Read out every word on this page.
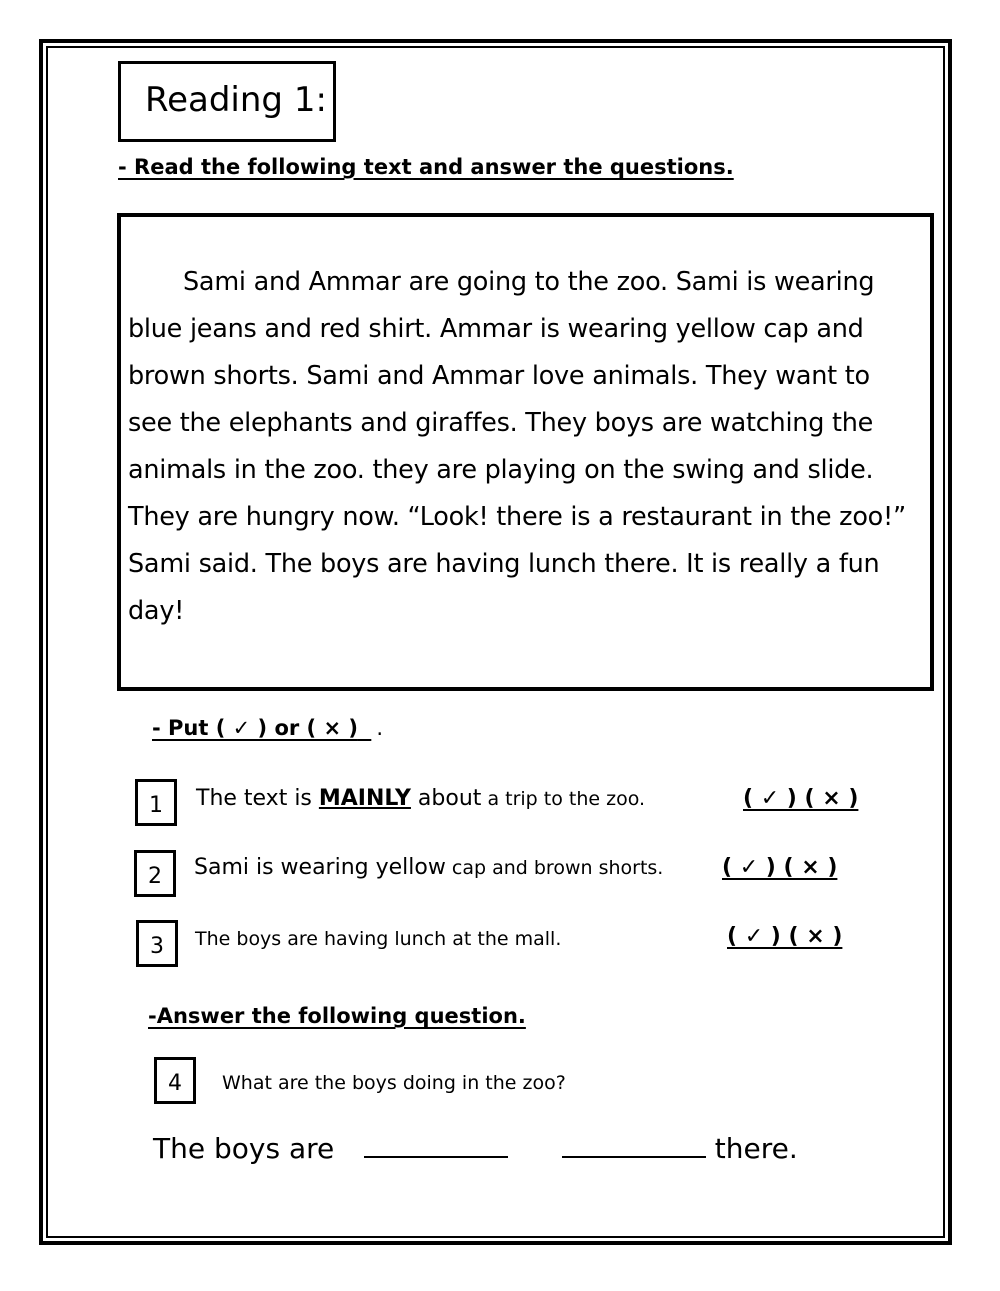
Reading 1:
- Read the following text and answer the questions.

Sami and Ammar are going to the zoo. Sami is wearing blue jeans and red shirt. Ammar is wearing yellow cap and brown shorts. Sami and Ammar love animals. They want to see the elephants and giraffes. They boys are watching the animals in the zoo. they are playing on the swing and slide. They are hungry now. “Look! there is a restaurant in the zoo!” Sami said. The boys are having lunch there. It is really a fun day!

- Put ( ✓ ) or ( × ) .
1	The text is MAINLY about a trip to the zoo.	( ✓ ) ( × )
2	Sami is wearing yellow cap and brown shorts.	( ✓ ) ( × )
3	The boys are having lunch at the mall.	( ✓ ) ( × )
-Answer the following question.
4	What are the boys doing in the zoo?
The boys are	there.
